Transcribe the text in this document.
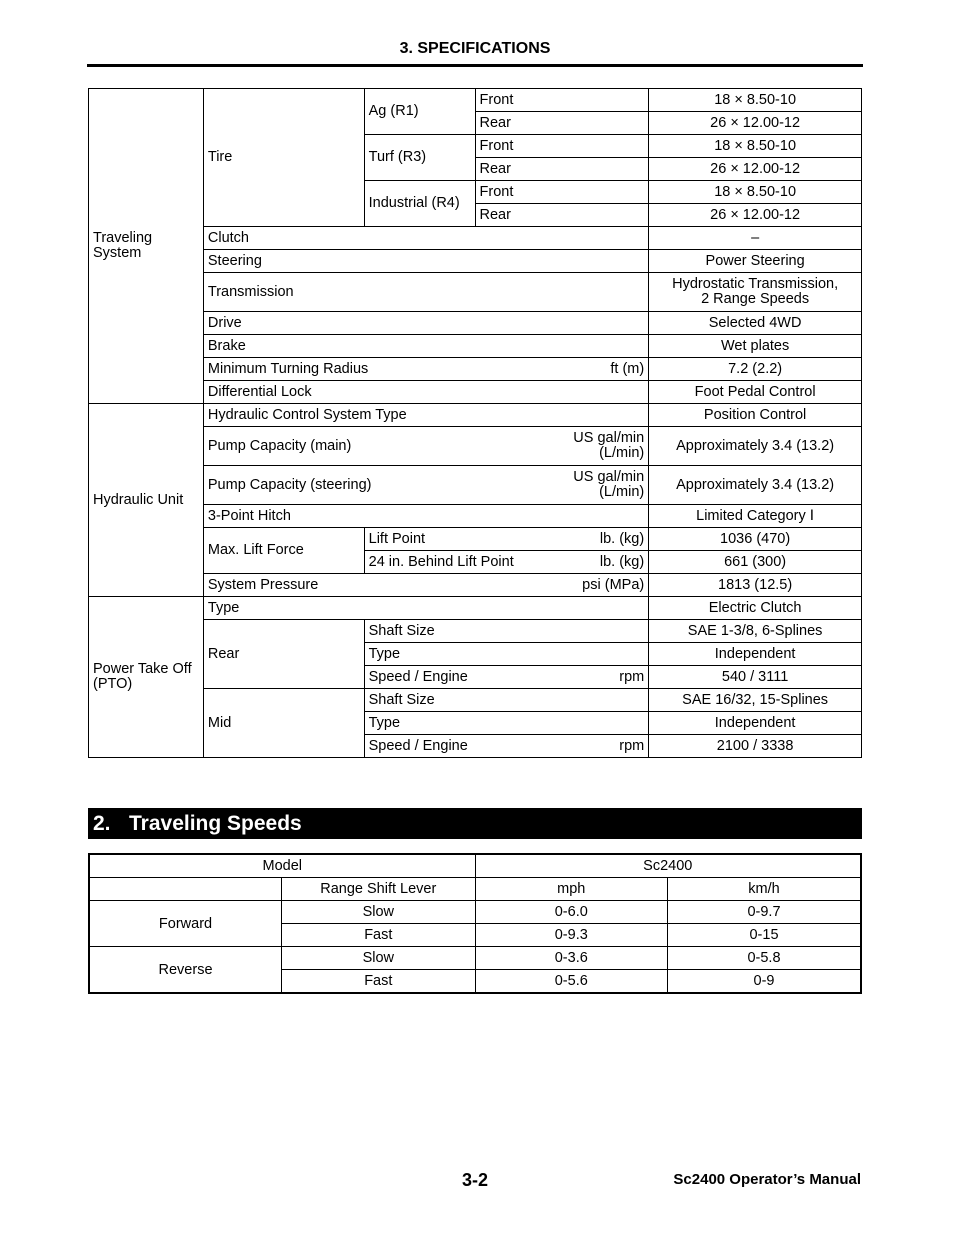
3. SPECIFICATIONS
Traveling System	Tire	Ag (R1)	Front	18 × 8.50-10
			Rear	26 × 12.00-12
		Turf (R3)	Front	18 × 8.50-10
			Rear	26 × 12.00-12
		Industrial (R4)	Front	18 × 8.50-10
			Rear	26 × 12.00-12
	Clutch			–
	Steering			Power Steering
	Transmission			Hydrostatic Transmission,
2 Range Speeds

	Drive			Selected 4WD
	Brake			Wet plates

	Minimum Turning Radius ft (m)			7.2 (2.2)
	Differential Lock			Foot Pedal Control
Hydraulic Unit	Hydraulic Control System Type			Position Control

	Pump Capacity (main) US gal/min
(L/min)			Approximately 3.4 (13.2)

	Pump Capacity (steering) US gal/min
(L/min)			Approximately 3.4 (13.2)
	3-Point Hitch			Limited Category Ⅰ
	Max. Lift Force	Lift Point lb. (kg)		1036 (470)

		24 in. Behind Lift Point lb. (kg)		661 (300)

	System Pressure psi (MPa)			1813 (12.5)

Power Take Off
(PTO)	Type			Electric Clutch
	Rear	Shaft Size		SAE 1-3/8, 6-Splines
		Type		Independent

		Speed / Engine rpm		540 / 3111
	Mid	Shaft Size		SAE 16/32, 15-Splines
		Type		Independent

		Speed / Engine rpm		2100 / 3338
2. Traveling Speeds
Model		Sc2400	
	Range Shift Lever	mph	km/h
Forward	Slow	0-6.0	0-9.7
	Fast	0-9.3	0-15
Reverse	Slow	0-3.6	0-5.8
	Fast	0-5.6	0-9
3-2	Sc2400 Operator’s Manual
